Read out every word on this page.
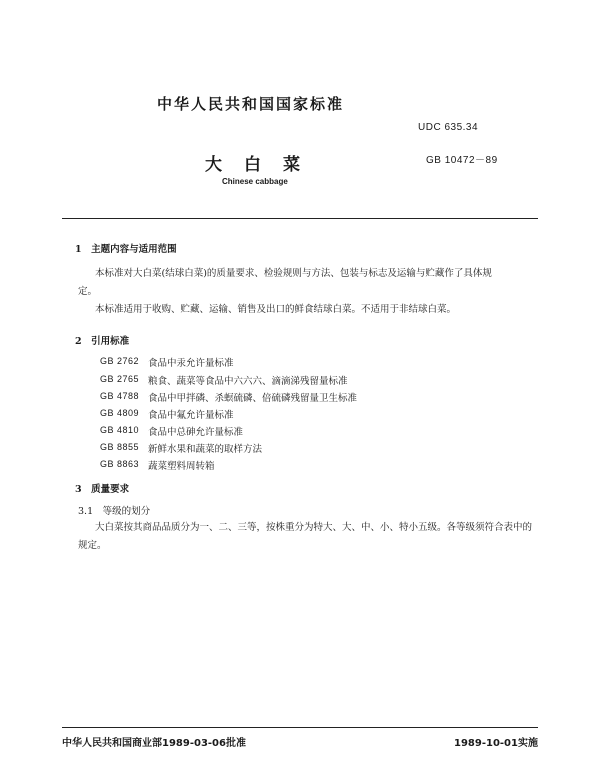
中华人民共和国国家标准
UDC 635.34
大 白 菜	GB 10472－89
Chinese cabbage
1　主题内容与适用范围
本标准对大白菜(结球白菜)的质量要求、检验规则与方法、包装与标志及运输与贮藏作了具体规
定。
本标准适用于收购、贮藏、运输、销售及出口的鲜食结球白菜。不适用于非结球白菜。
2　引用标准
GB 2762 食品中汞允许量标准
GB 2765 粮食、蔬菜等食品中六六六、滴滴涕残留量标准
GB 4788 食品中甲拌磷、杀螟硫磷、倍硫磷残留量卫生标准
GB 4809 食品中氟允许量标准
GB 4810 食品中总砷允许量标准
GB 8855 新鲜水果和蔬菜的取样方法
GB 8863 蔬菜塑料周转箱
3　质量要求
3.1　等级的划分
大白菜按其商品品质分为一、二、三等，按株重分为特大、大、中、小、特小五级。各等级须符合表中的
规定。
中华人民共和国商业部1989-03-06批准	1989-10-01实施
